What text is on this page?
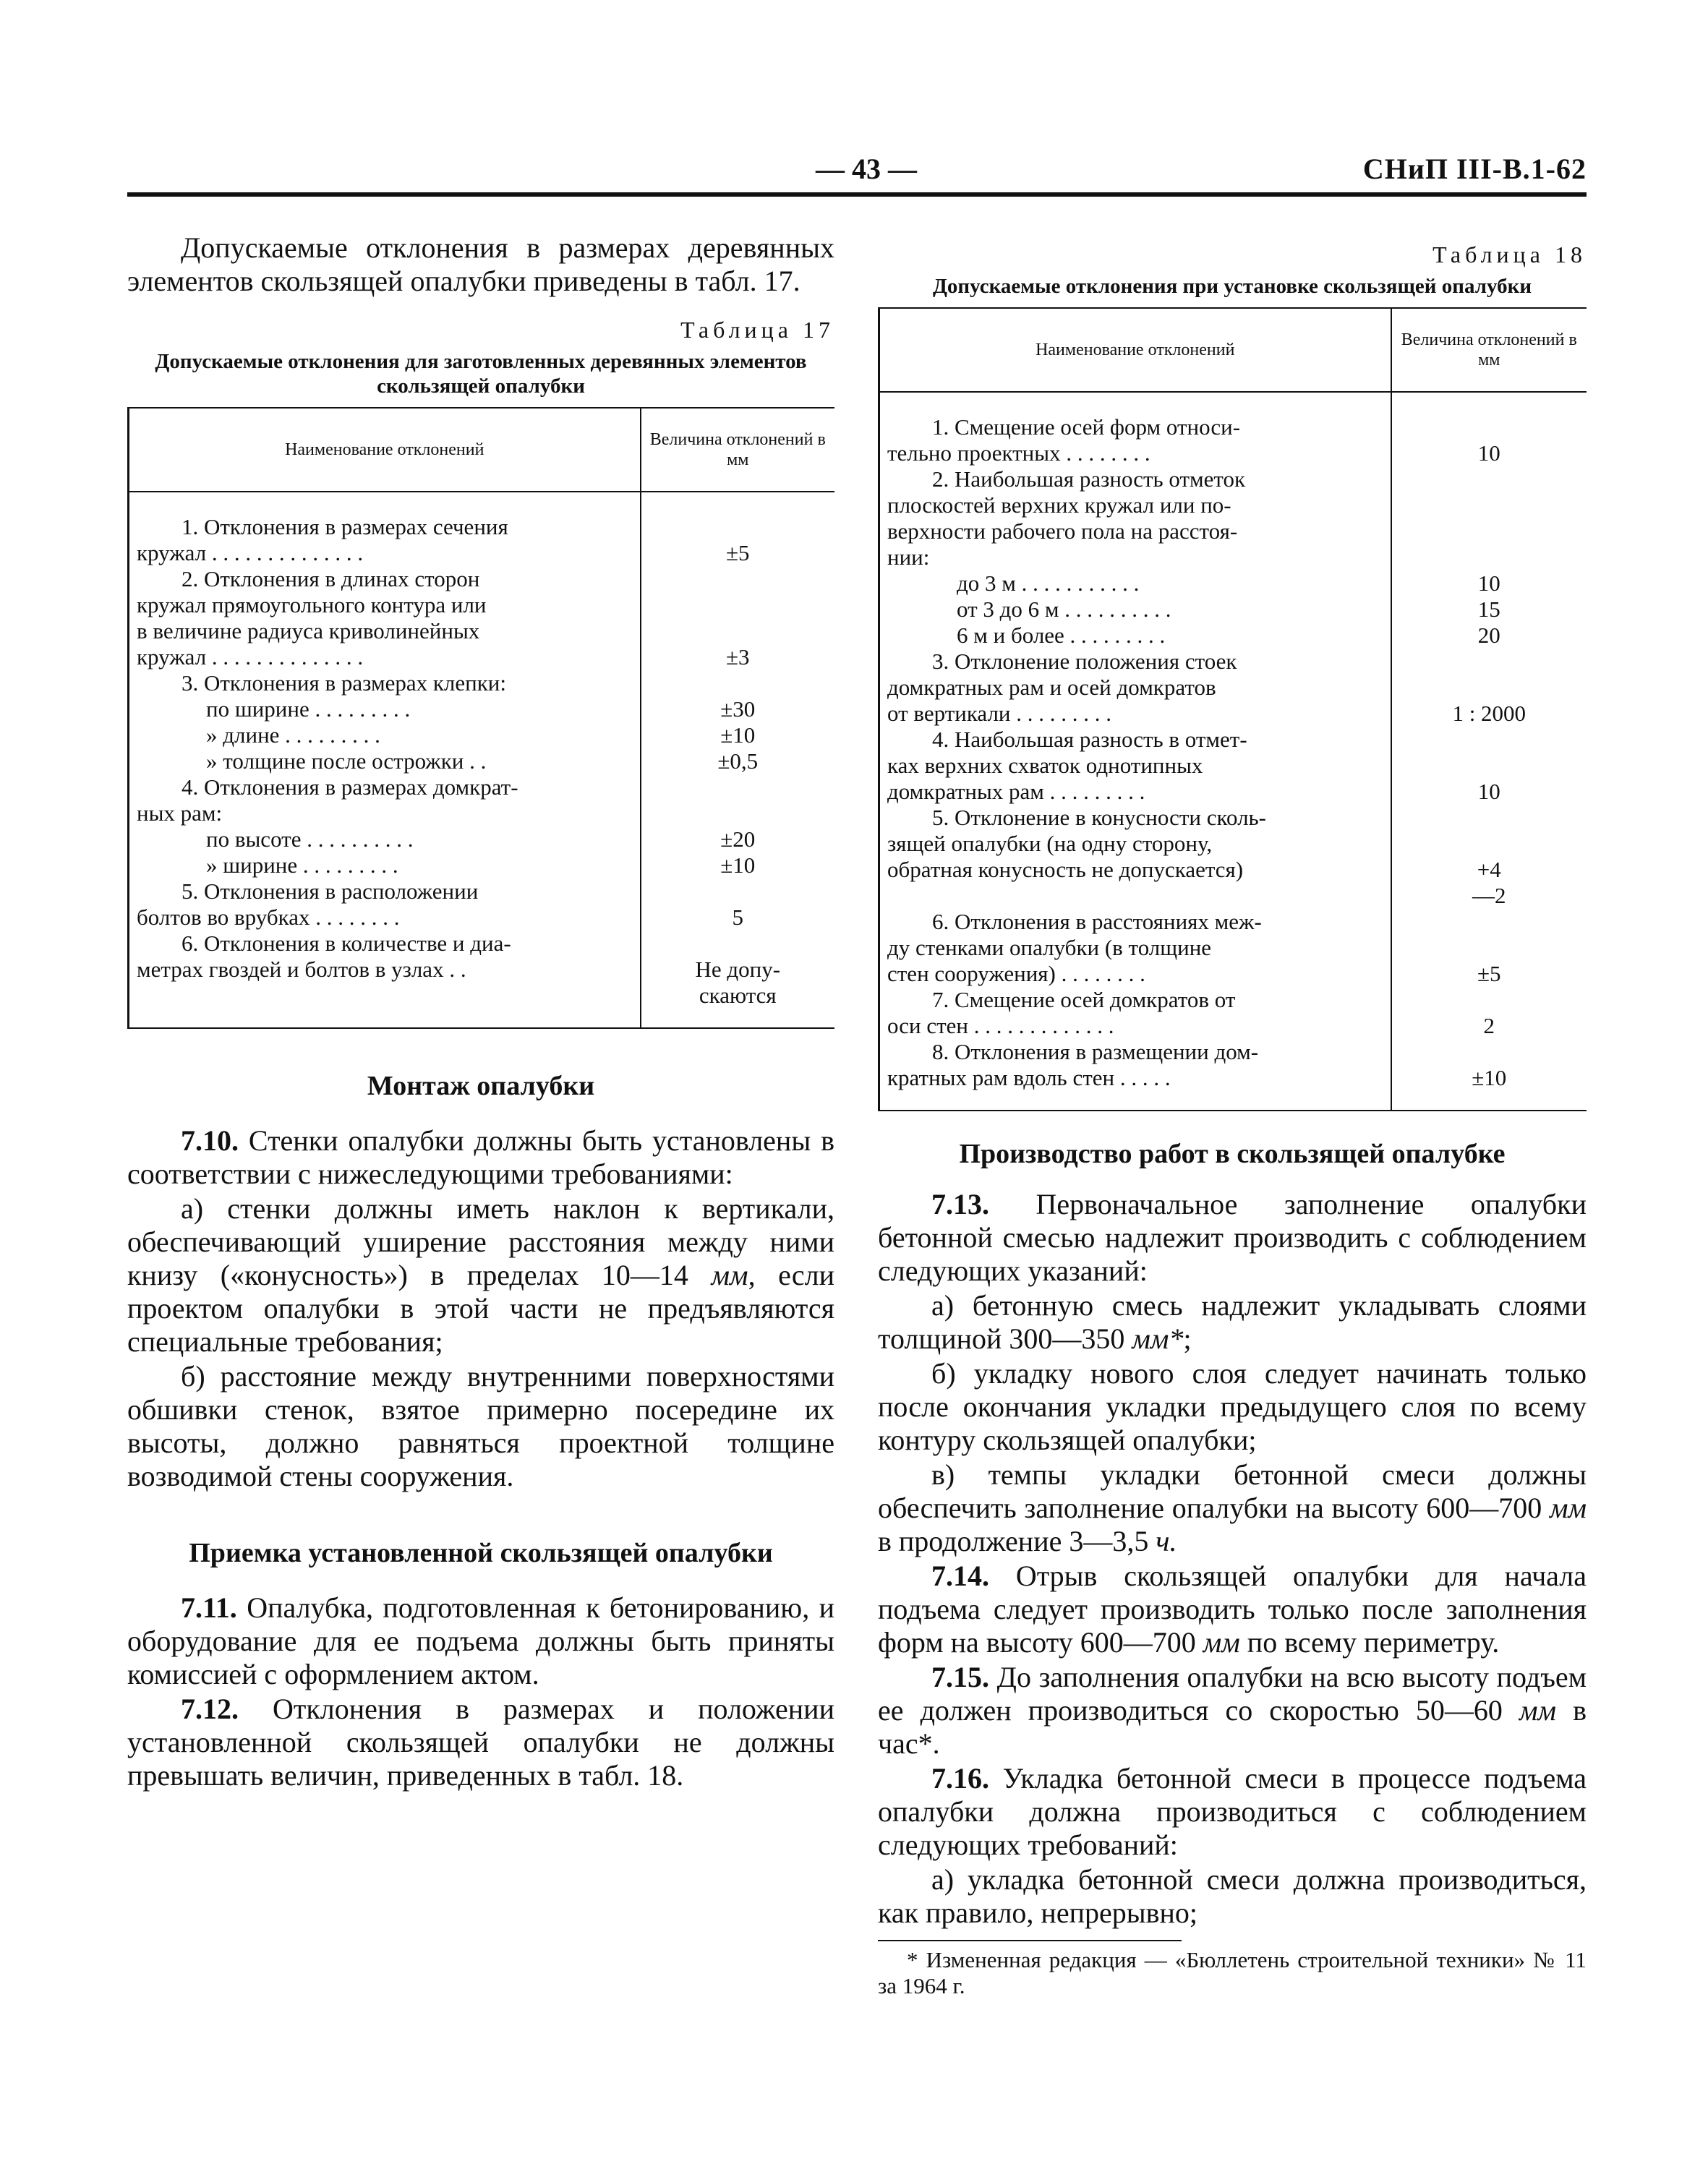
— 43 —	СНиП III-В.1-62

Допускаемые отклонения в размерах деревянных элементов скользящей опалубки приведены в табл. 17.

Таблица 17
Допускаемые отклонения для заготовленных деревянных элементов скользящей опалубки
Наименование отклонений	Величина отклонений в мм

1. Отклонения в размерах сечения
кружал . . . . . . . . . . . . . .	±5

2. Отклонения в длинах сторон
кружал прямоугольного контура или
в величине радиуса криволинейных
кружал . . . . . . . . . . . . . .	±3

3. Отклонения в размерах клепки:
по ширине . . . . . . . . .	±30

» длине . . . . . . . . .	±10

» толщине после острожки . .	±0,5

4. Отклонения в размерах домкрат-
ных рам:
по высоте . . . . . . . . . .	±20

» ширине . . . . . . . . .	±10

5. Отклонения в расположении
болтов во врубках . . . . . . . .	5

6. Отклонения в количестве и диа-
метрах гвоздей и болтов в узлах . .	Не допу-
скаются

Монтаж опалубки

7.10. Стенки опалубки должны быть установлены в соответствии с нижеследующими требованиями:

а) стенки должны иметь наклон к вертикали, обеспечивающий уширение расстояния между ними книзу («конусность») в пределах 10—14 мм, если проектом опалубки в этой части не предъявляются специальные требования;

б) расстояние между внутренними поверхностями обшивки стенок, взятое примерно посередине их высоты, должно равняться проектной толщине возводимой стены сооружения.

Приемка установленной скользящей опалубки

7.11. Опалубка, подготовленная к бетонированию, и оборудование для ее подъема должны быть приняты комиссией с оформлением актом.

7.12. Отклонения в размерах и положении установленной скользящей опалубки не должны превышать величин, приведенных в табл. 18.

Таблица 18
Допускаемые отклонения при установке скользящей опалубки
Наименование отклонений	Величина отклонений в мм

1. Смещение осей форм относи-
тельно проектных . . . . . . . .	10

2. Наибольшая разность отметок
плоскостей верхних кружал или по-
верхности рабочего пола на расстоя-
нии:
до 3 м . . . . . . . . . . .	10

от 3 до 6 м . . . . . . . . . .	15

6 м и более . . . . . . . . .	20

3. Отклонение положения стоек
домкратных рам и осей домкратов
от вертикали . . . . . . . . .	1 : 2000

4. Наибольшая разность в отмет-
ках верхних схваток однотипных
домкратных рам . . . . . . . . .	10

5. Отклонение в конусности сколь-
зящей опалубки (на одну сторону,
обратная конусность не допускается)	+4
—2

6. Отклонения в расстояниях меж-
ду стенками опалубки (в толщине
стен сооружения) . . . . . . . .	±5

7. Смещение осей домкратов от
оси стен . . . . . . . . . . . . .	2

8. Отклонения в размещении дом-
кратных рам вдоль стен . . . . .	±10

Производство работ в скользящей опалубке

7.13. Первоначальное заполнение опалубки бетонной смесью надлежит производить с соблюдением следующих указаний:

а) бетонную смесь надлежит укладывать слоями толщиной 300—350 мм*;

б) укладку нового слоя следует начинать только после окончания укладки предыдущего слоя по всему контуру скользящей опалубки;

в) темпы укладки бетонной смеси должны обеспечить заполнение опалубки на высоту 600—700 мм в продолжение 3—3,5 ч.

7.14. Отрыв скользящей опалубки для начала подъема следует производить только после заполнения форм на высоту 600—700 мм по всему периметру.

7.15. До заполнения опалубки на всю высоту подъем ее должен производиться со скоростью 50—60 мм в час*.

7.16. Укладка бетонной смеси в процессе подъема опалубки должна производиться с соблюдением следующих требований:

а) укладка бетонной смеси должна производиться, как правило, непрерывно;

* Измененная редакция — «Бюллетень строительной техники» № 11 за 1964 г.
